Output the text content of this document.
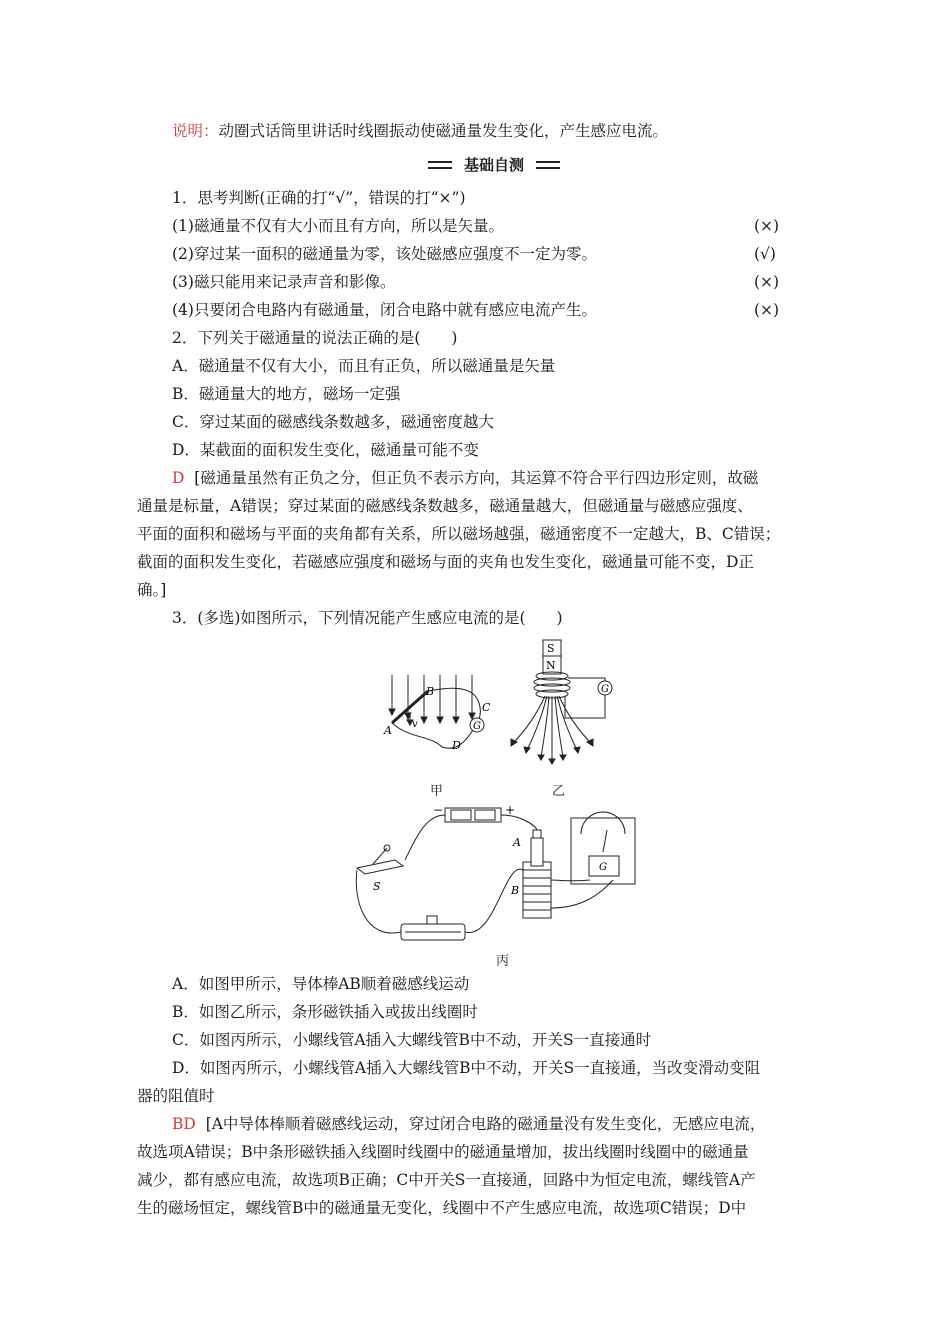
说明：动圈式话筒里讲话时线圈振动使磁通量发生变化，产生感应电流。
基础自测
1．思考判断(正确的打“√”，错误的打“×”)
(1)磁通量不仅有大小而且有方向，所以是矢量。	(×)
(2)穿过某一面积的磁通量为零，该处磁感应强度不一定为零。	(√)
(3)磁只能用来记录声音和影像。	(×)
(4)只要闭合电路内有磁通量，闭合电路中就有感应电流产生。	(×)
2．下列关于磁通量的说法正确的是(　　)
A．磁通量不仅有大小，而且有正负，所以磁通量是矢量
B．磁通量大的地方，磁场一定强
C．穿过某面的磁感线条数越多，磁通密度越大
D．某截面的面积发生变化，磁通量可能不变
D [磁通量虽然有正负之分，但正负不表示方向，其运算不符合平行四边形定则，故磁
通量是标量，A错误；穿过某面的磁感线条数越多，磁通量越大，但磁通量与磁感应强度、
平面的面积和磁场与平面的夹角都有关系，所以磁场越强，磁通密度不一定越大，B、C错误；
截面的面积发生变化，若磁感应强度和磁场与面的夹角也发生变化，磁通量可能不变，D正
确。]
3．(多选)如图所示，下列情况能产生感应电流的是(　　)
A
B
C
D
v	G
S
N
G
甲	乙
−	+
A
B
S
G
丙
A．如图甲所示，导体棒AB顺着磁感线运动
B．如图乙所示，条形磁铁插入或拔出线圈时
C．如图丙所示，小螺线管A插入大螺线管B中不动，开关S一直接通时
D．如图丙所示，小螺线管A插入大螺线管B中不动，开关S一直接通，当改变滑动变阻
器的阻值时
BD [A中导体棒顺着磁感线运动，穿过闭合电路的磁通量没有发生变化，无感应电流，
故选项A错误；B中条形磁铁插入线圈时线圈中的磁通量增加，拔出线圈时线圈中的磁通量
减少，都有感应电流，故选项B正确；C中开关S一直接通，回路中为恒定电流，螺线管A产
生的磁场恒定，螺线管B中的磁通量无变化，线圈中不产生感应电流，故选项C错误；D中
